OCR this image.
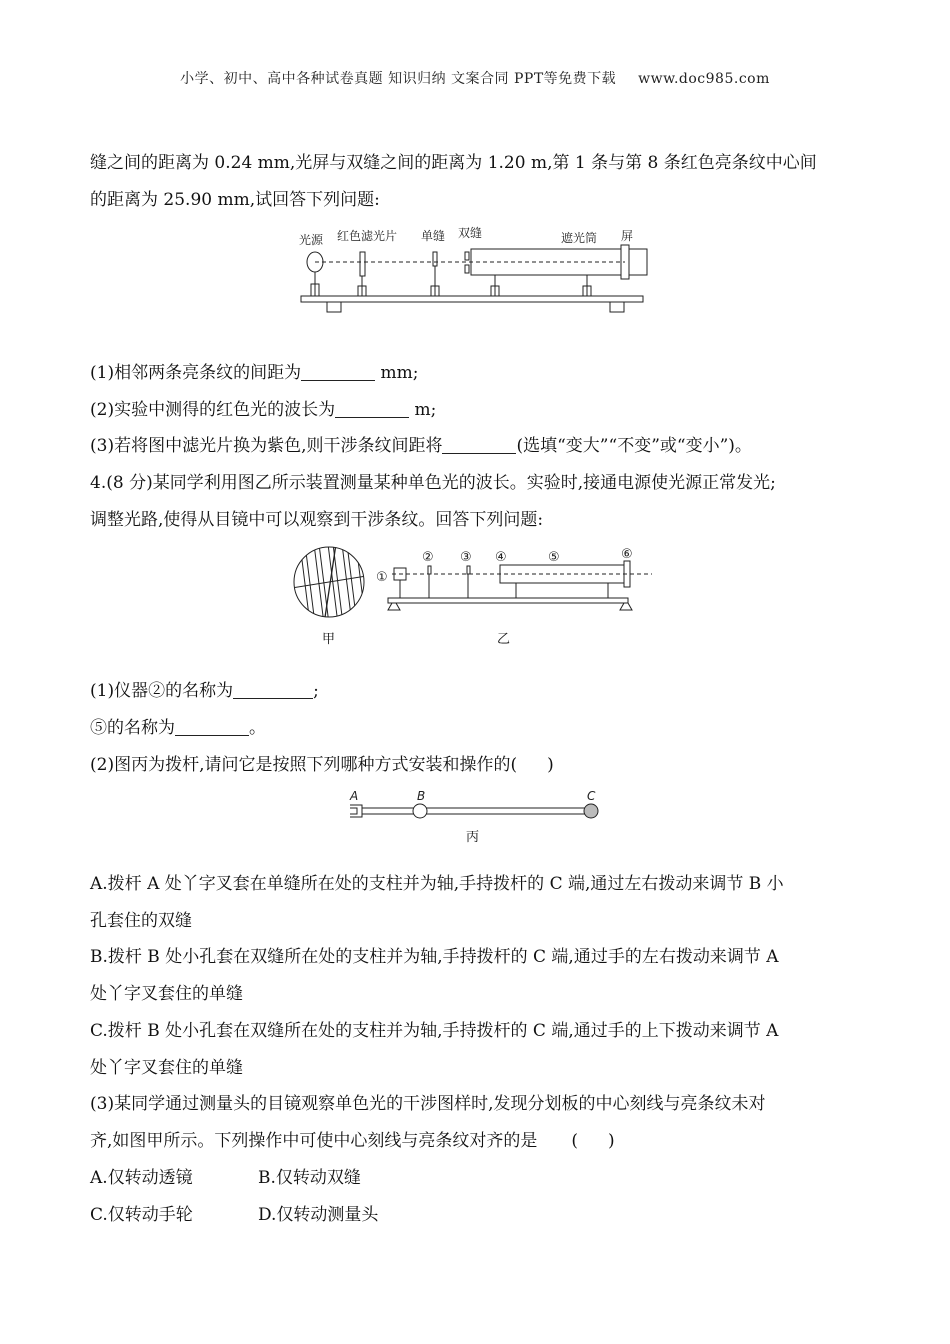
小学、初中、高中各种试卷真题 知识归纳 文案合同 PPT等免费下载 www.doc985.com
缝之间的距离为 0.24 mm,光屏与双缝之间的距离为 1.20 m,第 1 条与第 8 条红色亮条纹中心间
的距离为 25.90 mm,试回答下列问题:
光源 红色滤光片 单缝 双缝	遮光筒 屏
(1)相邻两条亮条纹的间距为	mm;
(2)实验中测得的红色光的波长为	m;
(3)若将图中滤光片换为紫色,则干涉条纹间距将	(选填“变大”“不变”或“变小”)。
4.(8 分)某同学利用图乙所示装置测量某种单色光的波长。实验时,接通电源使光源正常发光;
调整光路,使得从目镜中可以观察到干涉条纹。回答下列问题:
①
② ③ ④	⑤	⑥
甲	乙
(1)仪器②的名称为	;
⑤的名称为	。
(2)图丙为拨杆,请问它是按照下列哪种方式安装和操作的( )
A	B	C
丙
A.拨杆 A 处丫字叉套在单缝所在处的支柱并为轴,手持拨杆的 C 端,通过左右拨动来调节 B 小
孔套住的双缝
B.拨杆 B 处小孔套在双缝所在处的支柱并为轴,手持拨杆的 C 端,通过手的左右拨动来调节 A
处丫字叉套住的单缝
C.拨杆 B 处小孔套在双缝所在处的支柱并为轴,手持拨杆的 C 端,通过手的上下拨动来调节 A
处丫字叉套住的单缝
(3)某同学通过测量头的目镜观察单色光的干涉图样时,发现分划板的中心刻线与亮条纹未对
齐,如图甲所示。下列操作中可使中心刻线与亮条纹对齐的是 ( )
A.仅转动透镜	B.仅转动双缝
C.仅转动手轮	D.仅转动测量头
